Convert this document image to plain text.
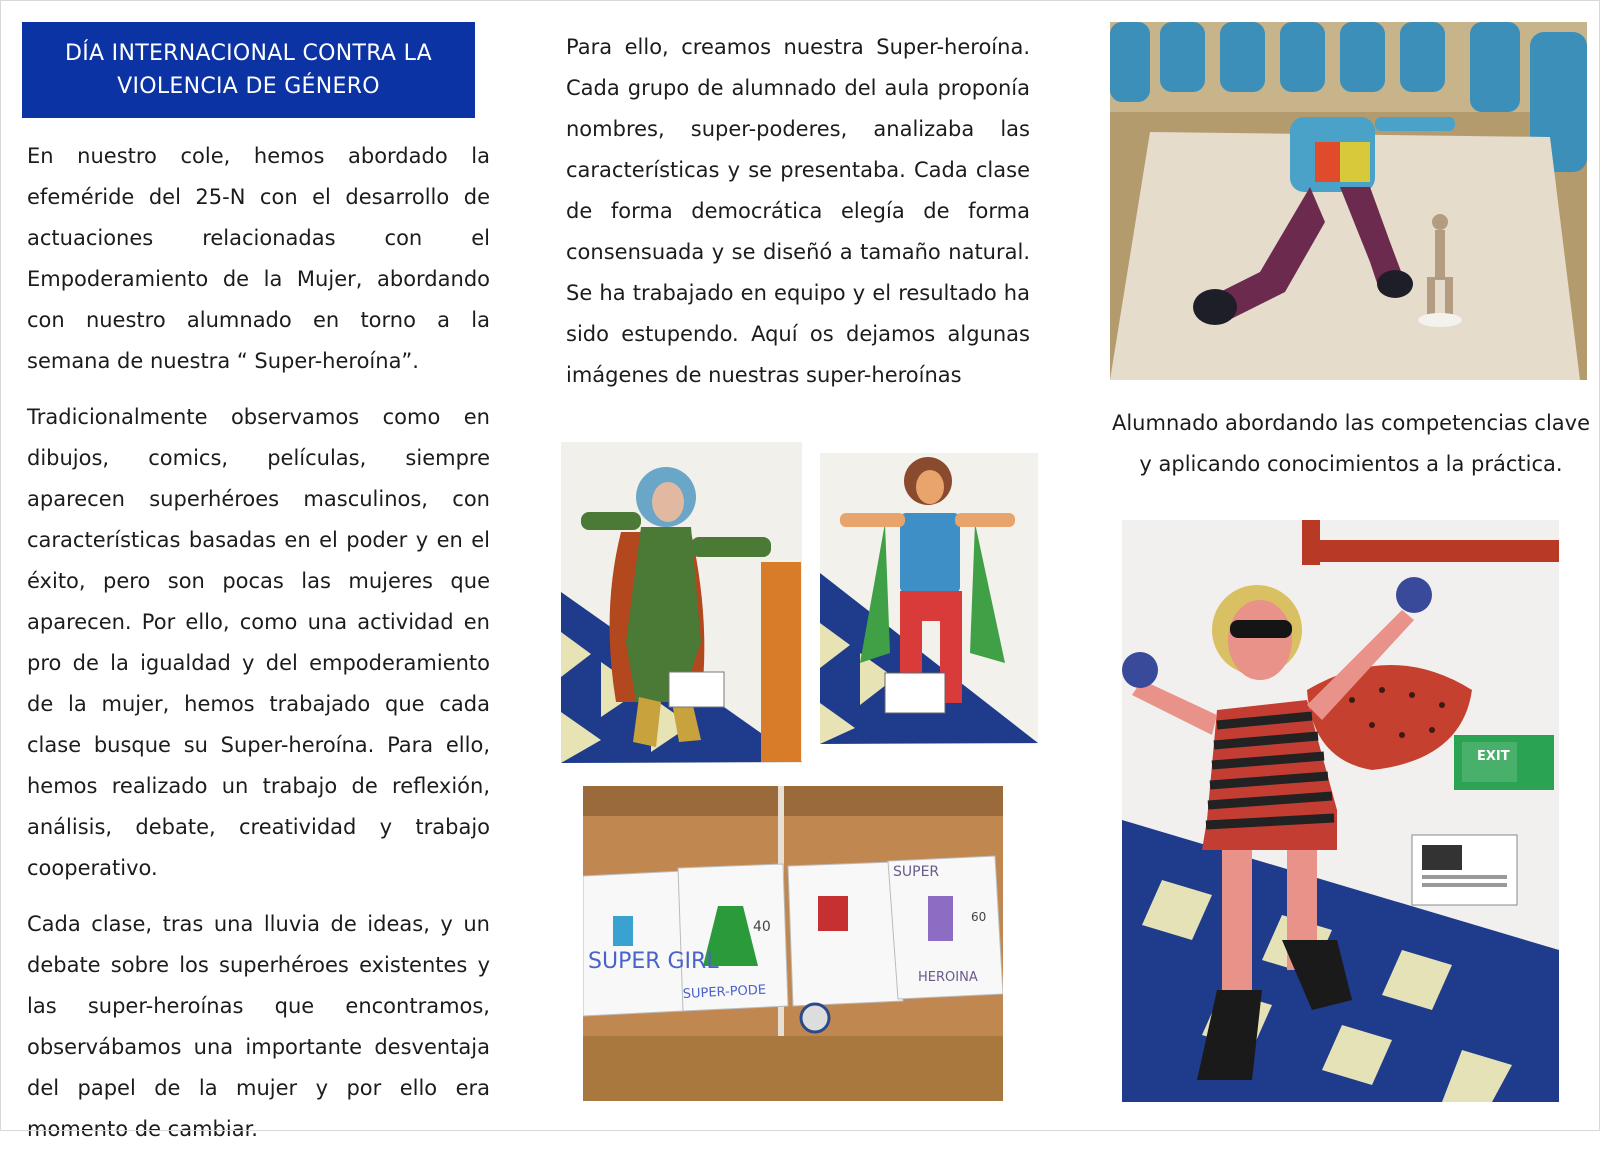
DÍA INTERNACIONAL CONTRA LA
VIOLENCIA DE GÉNERO

En nuestro cole, hemos abordado la efeméride del 25-N con el desarrollo de actuaciones relacionadas con el Empoderamiento de la Mujer, abordando con nuestro alumnado en torno a la semana de nuestra “ Super-heroína”.

Tradicionalmente observamos como en dibujos, comics, películas, siempre aparecen superhéroes masculinos, con características basadas en el poder y en el éxito, pero son pocas las mujeres que aparecen. Por ello, como una actividad en pro de la igualdad y del empoderamiento de la mujer, hemos trabajado que cada clase busque su Super-heroína. Para ello, hemos realizado un trabajo de reflexión, análisis, debate, creatividad y trabajo cooperativo.

Cada clase, tras una lluvia de ideas, y un debate sobre los superhéroes existentes y las super-heroínas que encontramos, observábamos una importante desventaja del papel de la mujer y por ello era momento de cambiar.

Para ello, creamos nuestra Super-heroína. Cada grupo de alumnado del aula proponía nombres, super-poderes, analizaba las características y se presentaba. Cada clase de forma democrática elegía de forma consensuada y se diseñó a tamaño natural. Se ha trabajado en equipo y el resultado ha sido estupendo. Aquí os dejamos algunas imágenes de nuestras super-heroínas

Alumnado abordando las competencias clave y aplicando conocimientos a la práctica.
SUPER GIRL
SUPER-PODE
40
SUPER
HEROINA
60
EXIT
